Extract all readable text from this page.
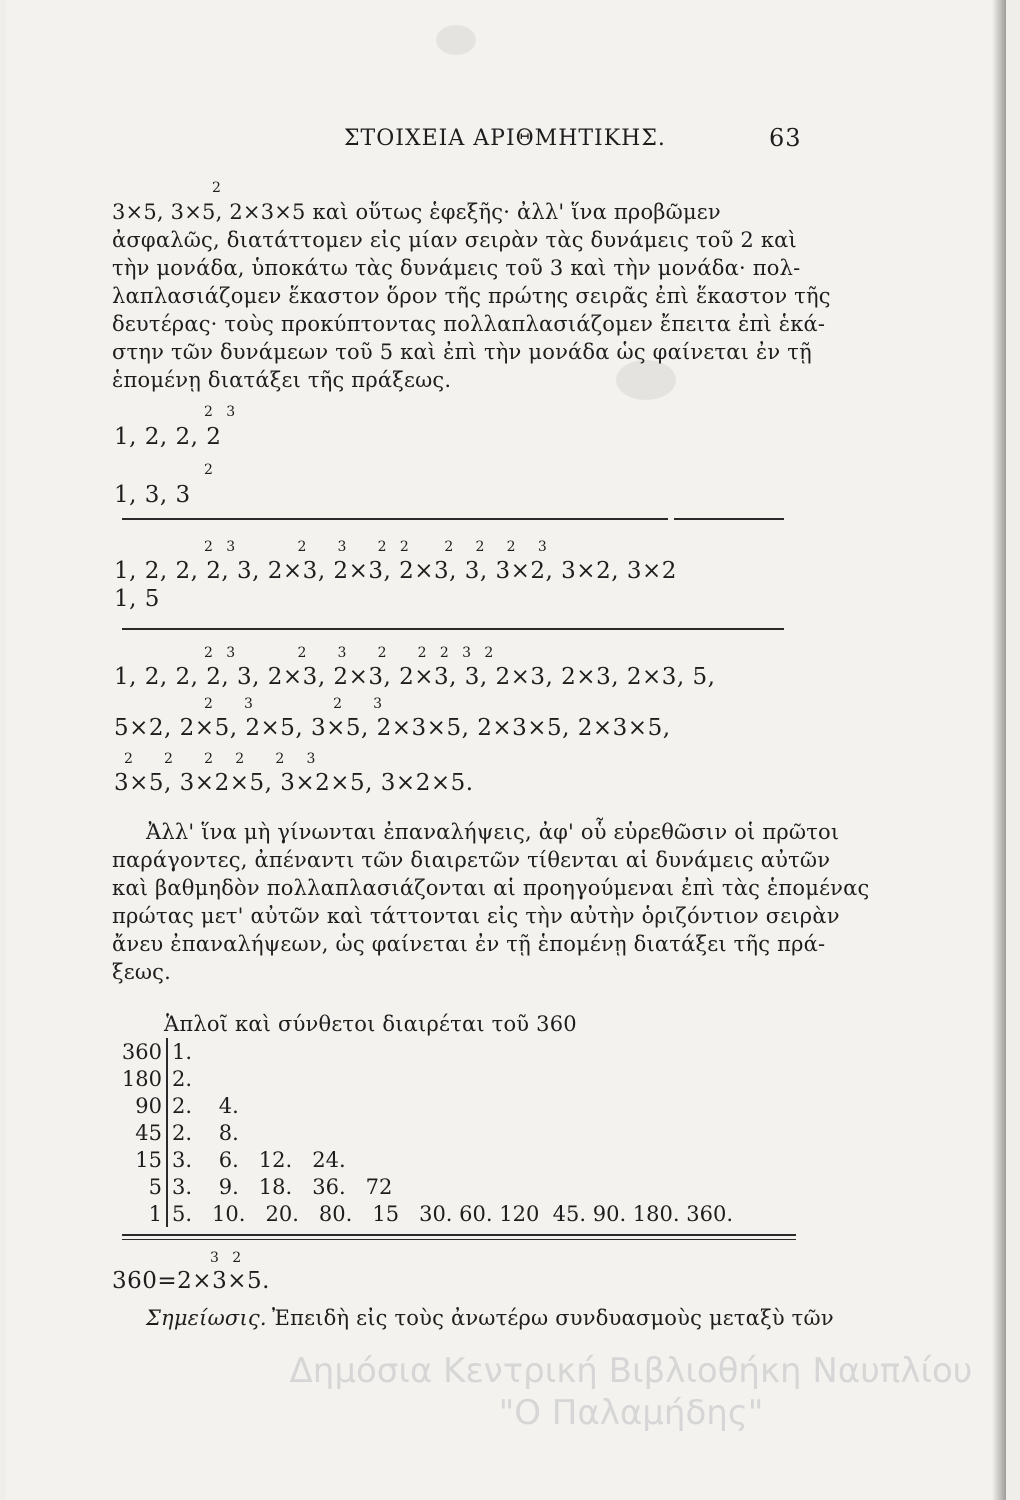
ΣΤΟΙΧΕΙΑ ΑΡΙΘΜΗΤΙΚΗΣ.	63
2
3×5, 3×5, 2×3×5 καὶ οὕτως ἑφεξῆς· ἀλλ' ἵνα προβῶμεν
ἀσφαλῶς, διατάττομεν εἰς μίαν σειρὰν τὰς δυνάμεις τοῦ 2 καὶ
τὴν μονάδα, ὑποκάτω τὰς δυνάμεις τοῦ 3 καὶ τὴν μονάδα· πολ-
λαπλασιάζομεν ἕκαστον ὅρον τῆς πρώτης σειρᾶς ἐπὶ ἕκαστον τῆς
δευτέρας· τοὺς προκύπτοντας πολλαπλασιάζομεν ἔπειτα ἐπὶ ἑκά-
στην τῶν δυνάμεων τοῦ 5 καὶ ἐπὶ τὴν μονάδα ὡς φαίνεται ἐν τῇ
ἑπομένῃ διατάξει τῆς πράξεως.
2   3
1, 2, 2, 2
2
1, 3, 3
2   3              2       3       2   2        2     2     2     3
1, 2, 2, 2, 3, 2×3, 2×3, 2×3, 3, 3×2, 3×2, 3×2
1, 5
2   3              2       3       2       2   2   3   2
1, 2, 2, 2, 3, 2×3, 2×3, 2×3, 3, 2×3, 2×3, 2×3, 5,
2       3                  2       3
5×2, 2×5, 2×5, 3×5, 2×3×5, 2×3×5, 2×3×5,
2       2       2     2       2     3
3×5, 3×2×5, 3×2×5, 3×2×5.
Ἀλλ' ἵνα μὴ γίνωνται ἐπαναλήψεις, ἀφ' οὗ εὑρεθῶσιν οἱ πρῶτοι
παράγοντες, ἀπέναντι τῶν διαιρετῶν τίθενται αἱ δυνάμεις αὐτῶν
καὶ βαθμηδὸν πολλαπλασιάζονται αἱ προηγούμεναι ἐπὶ τὰς ἑπομένας
πρώτας μετ' αὐτῶν καὶ τάττονται εἰς τὴν αὐτὴν ὁριζόντιον σειρὰν
ἄνευ ἐπαναλήψεων, ὡς φαίνεται ἐν τῇ ἑπομένῃ διατάξει τῆς πρά-
ξεως.
Ἁπλοῖ καὶ σύνθετοι διαιρέται τοῦ 360
360 1.
180 2.
90 2.    4.
45 2.    8.
15 3.    6.   12.   24.
5 3.    9.   18.   36.   72
1 5.   10.   20.   80.   15   30. 60. 120  45. 90. 180. 360.
3   2
360=2×3×5.
Σημείωσις. Ἐπειδὴ εἰς τοὺς ἀνωτέρω συνδυασμοὺς μεταξὺ τῶν
Δημόσια Κεντρική Βιβλιοθήκη Ναυπλίου
"Ο Παλαμήδης"
